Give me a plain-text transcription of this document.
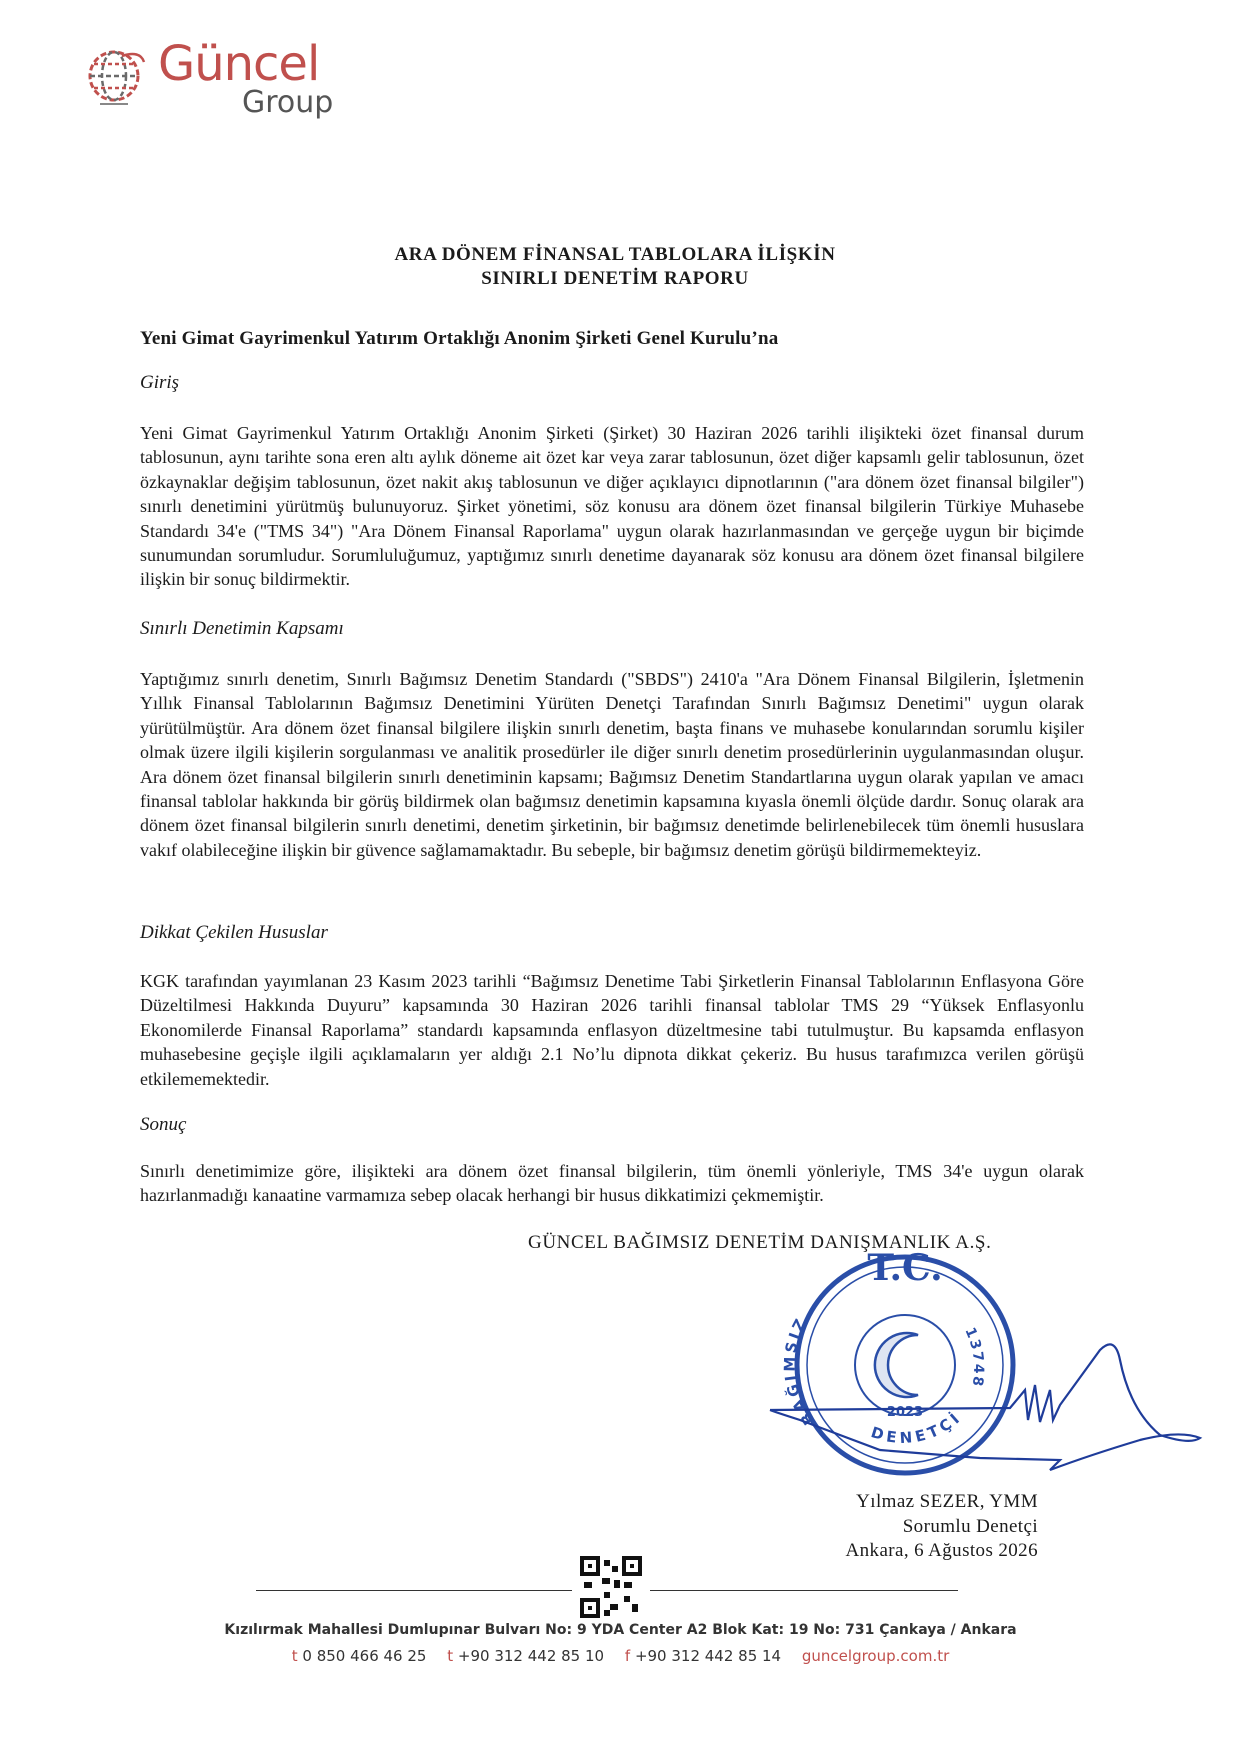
Güncel
Group
ARA DÖNEM FİNANSAL TABLOLARA İLİŞKİN
SINIRLI DENETİM RAPORU
Yeni Gimat Gayrimenkul Yatırım Ortaklığı Anonim Şirketi Genel Kurulu’na
Giriş

Yeni Gimat Gayrimenkul Yatırım Ortaklığı Anonim Şirketi (Şirket) 30 Haziran 2026 tarihli ilişikteki özet finansal durum tablosunun, aynı tarihte sona eren altı aylık döneme ait özet kar veya zarar tablosunun, özet diğer kapsamlı gelir tablosunun, özet özkaynaklar değişim tablosunun, özet nakit akış tablosunun ve diğer açıklayıcı dipnotlarının ("ara dönem özet finansal bilgiler") sınırlı denetimini yürütmüş bulunuyoruz. Şirket yönetimi, söz konusu ara dönem özet finansal bilgilerin Türkiye Muhasebe Standardı 34'e ("TMS 34") "Ara Dönem Finansal Raporlama" uygun olarak hazırlanmasından ve gerçeğe uygun bir biçimde sunumundan sorumludur. Sorumluluğumuz, yaptığımız sınırlı denetime dayanarak söz konusu ara dönem özet finansal bilgilere ilişkin bir sonuç bildirmektir.

Sınırlı Denetimin Kapsamı

Yaptığımız sınırlı denetim, Sınırlı Bağımsız Denetim Standardı ("SBDS") 2410'a "Ara Dönem Finansal Bilgilerin, İşletmenin Yıllık Finansal Tablolarının Bağımsız Denetimini Yürüten Denetçi Tarafından Sınırlı Bağımsız Denetimi" uygun olarak yürütülmüştür. Ara dönem özet finansal bilgilere ilişkin sınırlı denetim, başta finans ve muhasebe konularından sorumlu kişiler olmak üzere ilgili kişilerin sorgulanması ve analitik prosedürler ile diğer sınırlı denetim prosedürlerinin uygulanmasından oluşur. Ara dönem özet finansal bilgilerin sınırlı denetiminin kapsamı; Bağımsız Denetim Standartlarına uygun olarak yapılan ve amacı finansal tablolar hakkında bir görüş bildirmek olan bağımsız denetimin kapsamına kıyasla önemli ölçüde dardır. Sonuç olarak ara dönem özet finansal bilgilerin sınırlı denetimi, denetim şirketinin, bir bağımsız denetimde belirlenebilecek tüm önemli hususlara vakıf olabileceğine ilişkin bir güvence sağlamamaktadır. Bu sebeple, bir bağımsız denetim görüşü bildirmemekteyiz.

Dikkat Çekilen Hususlar

KGK tarafından yayımlanan 23 Kasım 2023 tarihli “Bağımsız Denetime Tabi Şirketlerin Finansal Tablolarının Enflasyona Göre Düzeltilmesi Hakkında Duyuru” kapsamında 30 Haziran 2026 tarihli finansal tablolar TMS 29 “Yüksek Enflasyonlu Ekonomilerde Finansal Raporlama” standardı kapsamında enflasyon düzeltmesine tabi tutulmuştur. Bu kapsamda enflasyon muhasebesine geçişle ilgili açıklamaların yer aldığı 2.1 No’lu dipnota dikkat çekeriz. Bu husus tarafımızca verilen görüşü etkilememektedir.

Sonuç

Sınırlı denetimimize göre, ilişikteki ara dönem özet finansal bilgilerin, tüm önemli yönleriyle, TMS 34'e uygun olarak hazırlanmadığı kanaatine varmamıza sebep olacak herhangi bir husus dikkatimizi çekmemiştir.

GÜNCEL BAĞIMSIZ DENETİM DANIŞMANLIK A.Ş.
T.C.
BAĞIMSIZ
DENETÇİ
13748
2023
Yılmaz SEZER, YMM
Sorumlu Denetçi
Ankara, 6 Ağustos 2026
Kızılırmak Mahallesi Dumlupınar Bulvarı No: 9 YDA Center A2 Blok Kat: 19 No: 731 Çankaya / Ankara
t 0 850 466 46 25 t +90 312 442 85 10 f +90 312 442 85 14 guncelgroup.com.tr
